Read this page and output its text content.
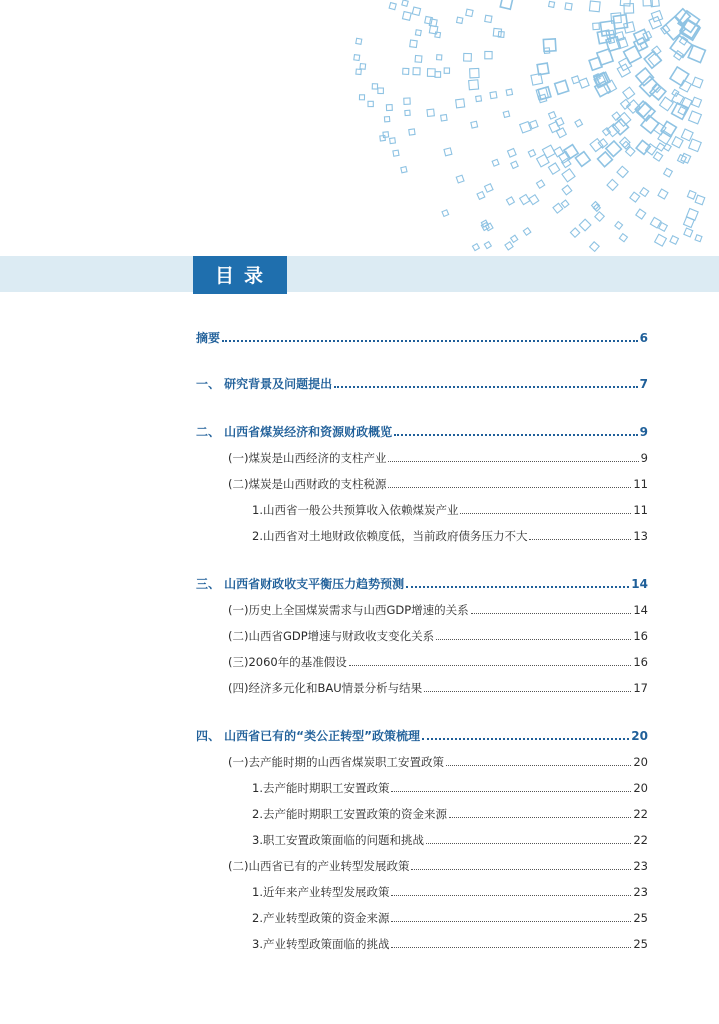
目录
摘要	6
一、 研究背景及问题提出	7
二、 山西省煤炭经济和资源财政概览	9
(一)煤炭是山西经济的支柱产业	9
(二)煤炭是山西财政的支柱税源	11
1.山西省一般公共预算收入依赖煤炭产业	11
2.山西省对土地财政依赖度低，当前政府债务压力不大	13
三、 山西省财政收支平衡压力趋势预测	14
(一)历史上全国煤炭需求与山西GDP增速的关系	14
(二)山西省GDP增速与财政收支变化关系	16
(三)2060年的基准假设	16
(四)经济多元化和BAU情景分析与结果	17
四、 山西省已有的“类公正转型”政策梳理	20
(一)去产能时期的山西省煤炭职工安置政策	20
1.去产能时期职工安置政策	20
2.去产能时期职工安置政策的资金来源	22
3.职工安置政策面临的问题和挑战	22
(二)山西省已有的产业转型发展政策	23
1.近年来产业转型发展政策	23
2.产业转型政策的资金来源	25
3.产业转型政策面临的挑战	25
